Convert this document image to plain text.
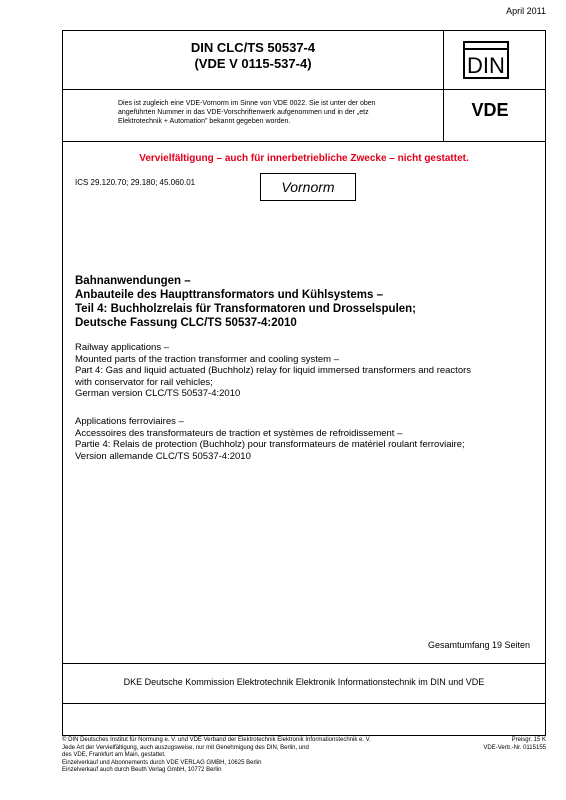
April 2011
DIN CLC/TS 50537-4
(VDE V 0115-537-4)	DIN
Dies ist zugleich eine VDE-Vornorm im Sinne von VDE 0022. Sie ist unter der oben
angeführten Nummer in das VDE-Vorschriftenwerk aufgenommen und in der „etz
Elektrotechnik + Automation" bekannt gegeben worden.
VDE
Vervielfältigung – auch für innerbetriebliche Zwecke – nicht gestattet.
ICS 29.120.70; 29.180; 45.060.01	Vornorm
Bahnanwendungen –
Anbauteile des Haupttransformators und Kühlsystems –
Teil 4: Buchholzrelais für Transformatoren und Drosselspulen;
Deutsche Fassung CLC/TS 50537-4:2010
Railway applications –
Mounted parts of the traction transformer and cooling system –
Part 4: Gas and liquid actuated (Buchholz) relay for liquid immersed transformers and reactors
with conservator for rail vehicles;
German version CLC/TS 50537-4:2010
Applications ferroviaires –
Accessoires des transformateurs de traction et systèmes de refroidissement –
Partie 4: Relais de protection (Buchholz) pour transformateurs de matériel roulant ferroviaire;
Version allemande CLC/TS 50537-4:2010
Gesamtumfang 19 Seiten
DKE Deutsche Kommission Elektrotechnik Elektronik Informationstechnik im DIN und VDE
© DIN Deutsches Institut für Normung e. V. und VDE Verband der Elektrotechnik Elektronik Informationstechnik e. V.
Jede Art der Vervielfältigung, auch auszugsweise, nur mit Genehmigung des DIN, Berlin, und
des VDE, Frankfurt am Main, gestattet.
Einzelverkauf und Abonnements durch VDE VERLAG GMBH, 10625 Berlin
Einzelverkauf auch durch Beuth Verlag GmbH, 10772 Berlin
Preisgr. 15 K
VDE-Vertr.-Nr. 0115155
